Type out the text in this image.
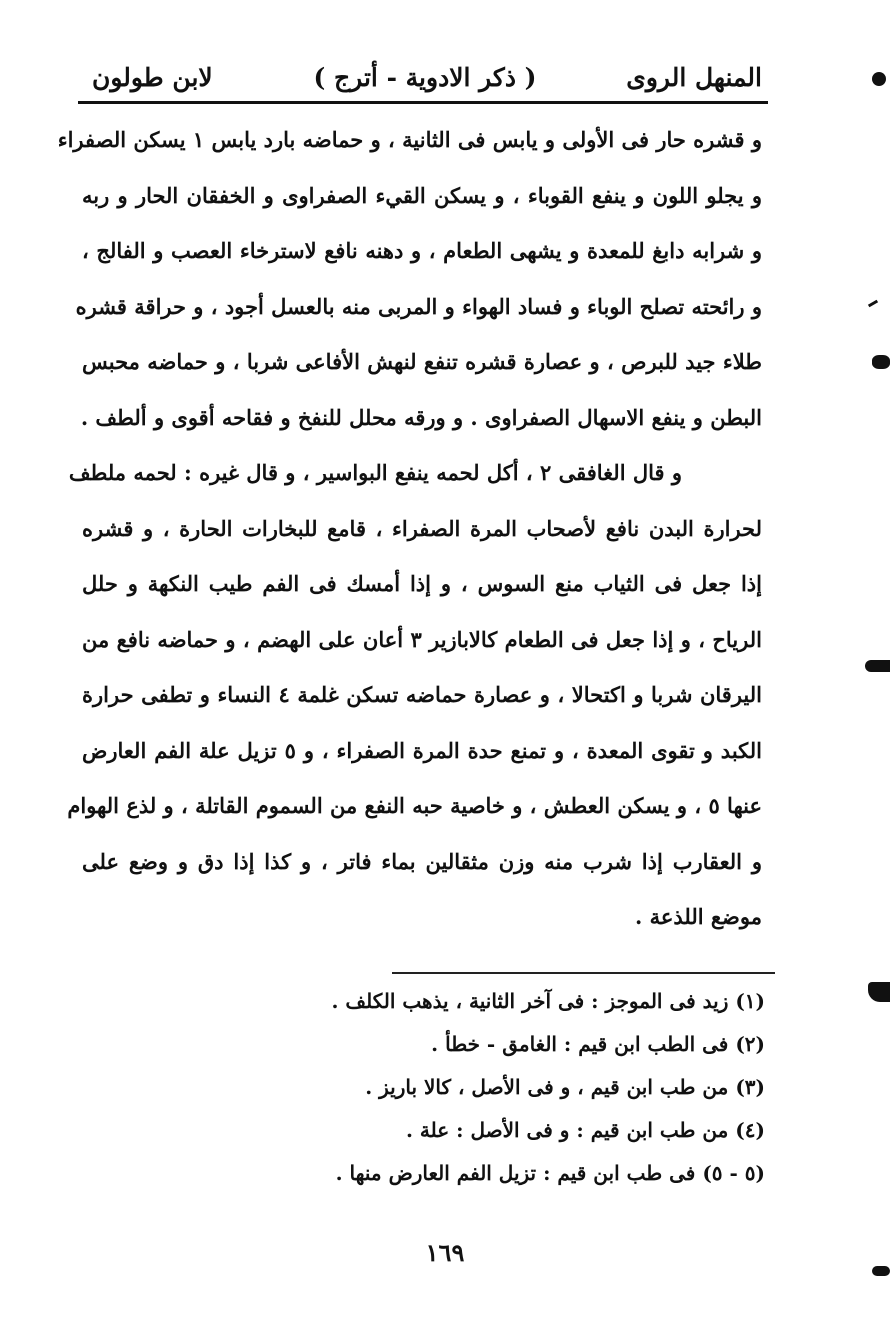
المنهل الروى
( ذكر الادوية - أترج )
لابن طولون
و قشره حار فى الأولى و يابس فى الثانية ، و حماضه بارد يابس ١ يسكن الصفراء
و يجلو اللون و ينفع القوباء ، و يسكن القيء الصفراوى و الخفقان الحار و ربه
و شرابه دابغ للمعدة و يشهى الطعام ، و دهنه نافع لاسترخاء العصب و الفالج ،
و رائحته تصلح الوباء و فساد الهواء و المربى منه بالعسل أجود ، و حراقة قشره
طلاء جيد للبرص ، و عصارة قشره تنفع لنهش الأفاعى شربا ، و حماضه محبس
البطن و ينفع الاسهال الصفراوى . و ورقه محلل للنفخ و فقاحه أقوى و ألطف .
و قال الغافقى ٢ ، أكل لحمه ينفع البواسير ، و قال غيره : لحمه ملطف
لحرارة البدن نافع لأصحاب المرة الصفراء ، قامع للبخارات الحارة ، و قشره
إذا جعل فى الثياب منع السوس ، و إذا أمسك فى الفم طيب النكهة و حلل
الرياح ، و إذا جعل فى الطعام كالابازير ٣ أعان على الهضم ، و حماضه نافع من
اليرقان شربا و اكتحالا ، و عصارة حماضه تسكن غلمة ٤ النساء و تطفى حرارة
الكبد و تقوى المعدة ، و تمنع حدة المرة الصفراء ، و ٥ تزيل علة الفم العارض
عنها ٥ ، و يسكن العطش ، و خاصية حبه النفع من السموم القاتلة ، و لذع الهوام
و العقارب إذا شرب منه وزن مثقالين بماء فاتر ، و كذا إذا دق و وضع على
موضع اللذعة .
(١) زيد فى الموجز : فى آخر الثانية ، يذهب الكلف .
(٢) فى الطب ابن قيم : الغامق - خطأ .
(٣) من طب ابن قيم ، و فى الأصل ، كالا باريز .
(٤) من طب ابن قيم : و فى الأصل : علة .
(٥ - ٥) فى طب ابن قيم : تزيل الفم العارض منها .
١٦٩
